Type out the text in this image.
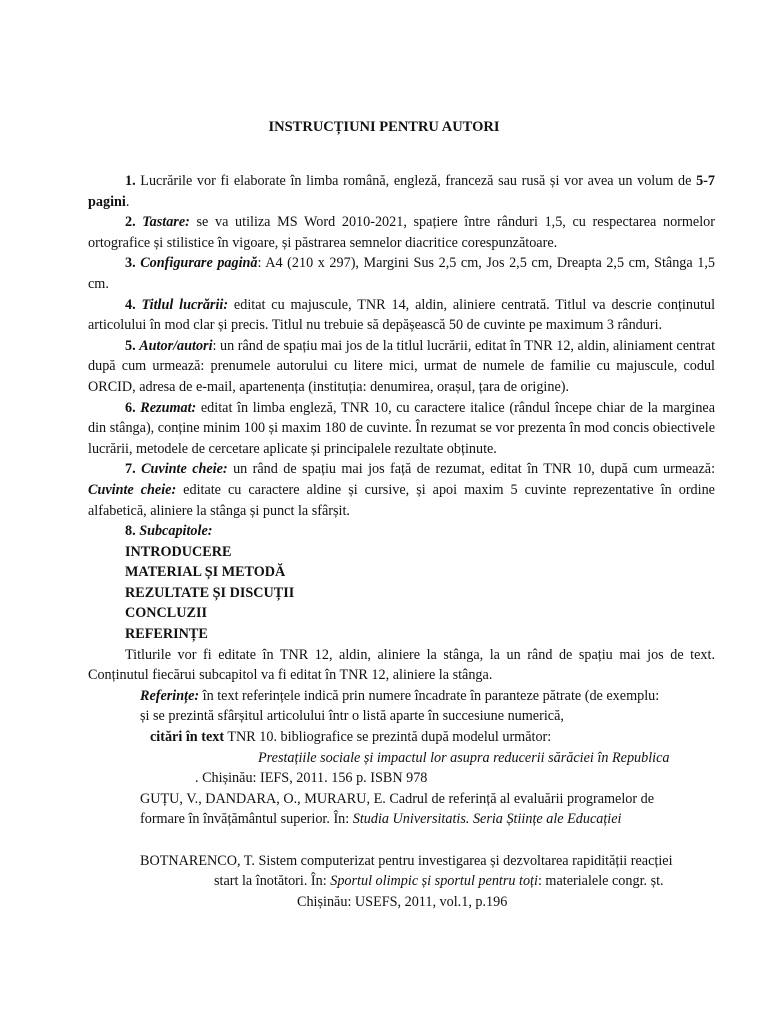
INSTRUCȚIUNI PENTRU AUTORI

1. Lucrările vor fi elaborate în limba română, engleză, franceză sau rusă și vor avea un volum de 5-7 pagini.

2. Tastare: se va utiliza MS Word 2010-2021, spațiere între rânduri 1,5, cu respectarea normelor ortografice și stilistice în vigoare, și păstrarea semnelor diacritice corespunzătoare.

3. Configurare pagină: A4 (210 x 297), Margini Sus 2,5 cm, Jos 2,5 cm, Dreapta 2,5 cm, Stânga 1,5 cm.

4. Titlul lucrării: editat cu majuscule, TNR 14, aldin, aliniere centrată. Titlul va descrie conținutul articolului în mod clar și precis. Titlul nu trebuie să depășească 50 de cuvinte pe maximum 3 rânduri.

5. Autor/autori: un rând de spațiu mai jos de la titlul lucrării, editat în TNR 12, aldin, aliniament centrat după cum urmează: prenumele autorului cu litere mici, urmat de numele de familie cu majuscule, codul ORCID, adresa de e-mail, apartenența (instituția: denumirea, orașul, țara de origine).

6. Rezumat: editat în limba engleză, TNR 10, cu caractere italice (rândul începe chiar de la marginea din stânga), conține minim 100 și maxim 180 de cuvinte. În rezumat se vor prezenta în mod concis obiectivele lucrării, metodele de cercetare aplicate și principalele rezultate obținute.

7. Cuvinte cheie: un rând de spațiu mai jos față de rezumat, editat în TNR 10, după cum urmează: Cuvinte cheie: editate cu caractere aldine și cursive, și apoi maxim 5 cuvinte reprezentative în ordine alfabetică, aliniere la stânga și punct la sfârșit.

8. Subcapitole:

INTRODUCERE

MATERIAL ȘI METODĂ

REZULTATE ȘI DISCUȚII

CONCLUZII

REFERINȚE

Titlurile vor fi editate în TNR 12, aldin, aliniere la stânga, la un rând de spațiu mai jos de text. Conținutul fiecărui subcapitol va fi editat în TNR 12, aliniere la stânga.

Referințe: în text referințele indică prin numere încadrate în paranteze pătrate (de exemplu:

și se prezintă sfârșitul articolului într o listă aparte în succesiune numerică,

citări în text TNR 10. bibliografice se prezintă după modelul următor:

Prestațiile sociale și impactul lor asupra reducerii sărăciei în Republica

. Chișinău: IEFS, 2011. 156 p. ISBN 978

GUȚU, V., DANDARA, O., MURARU, E. Cadrul de referință al evaluării programelor de

formare în învățământul superior. În: Studia Universitatis. Seria Științe ale Educației

BOTNARENCO, T. Sistem computerizat pentru investigarea și dezvoltarea rapidității reacției

start la înotători. În: Sportul olimpic și sportul pentru toți: materialele congr. șt.

Chișinău: USEFS, 2011, vol.1, p.196
